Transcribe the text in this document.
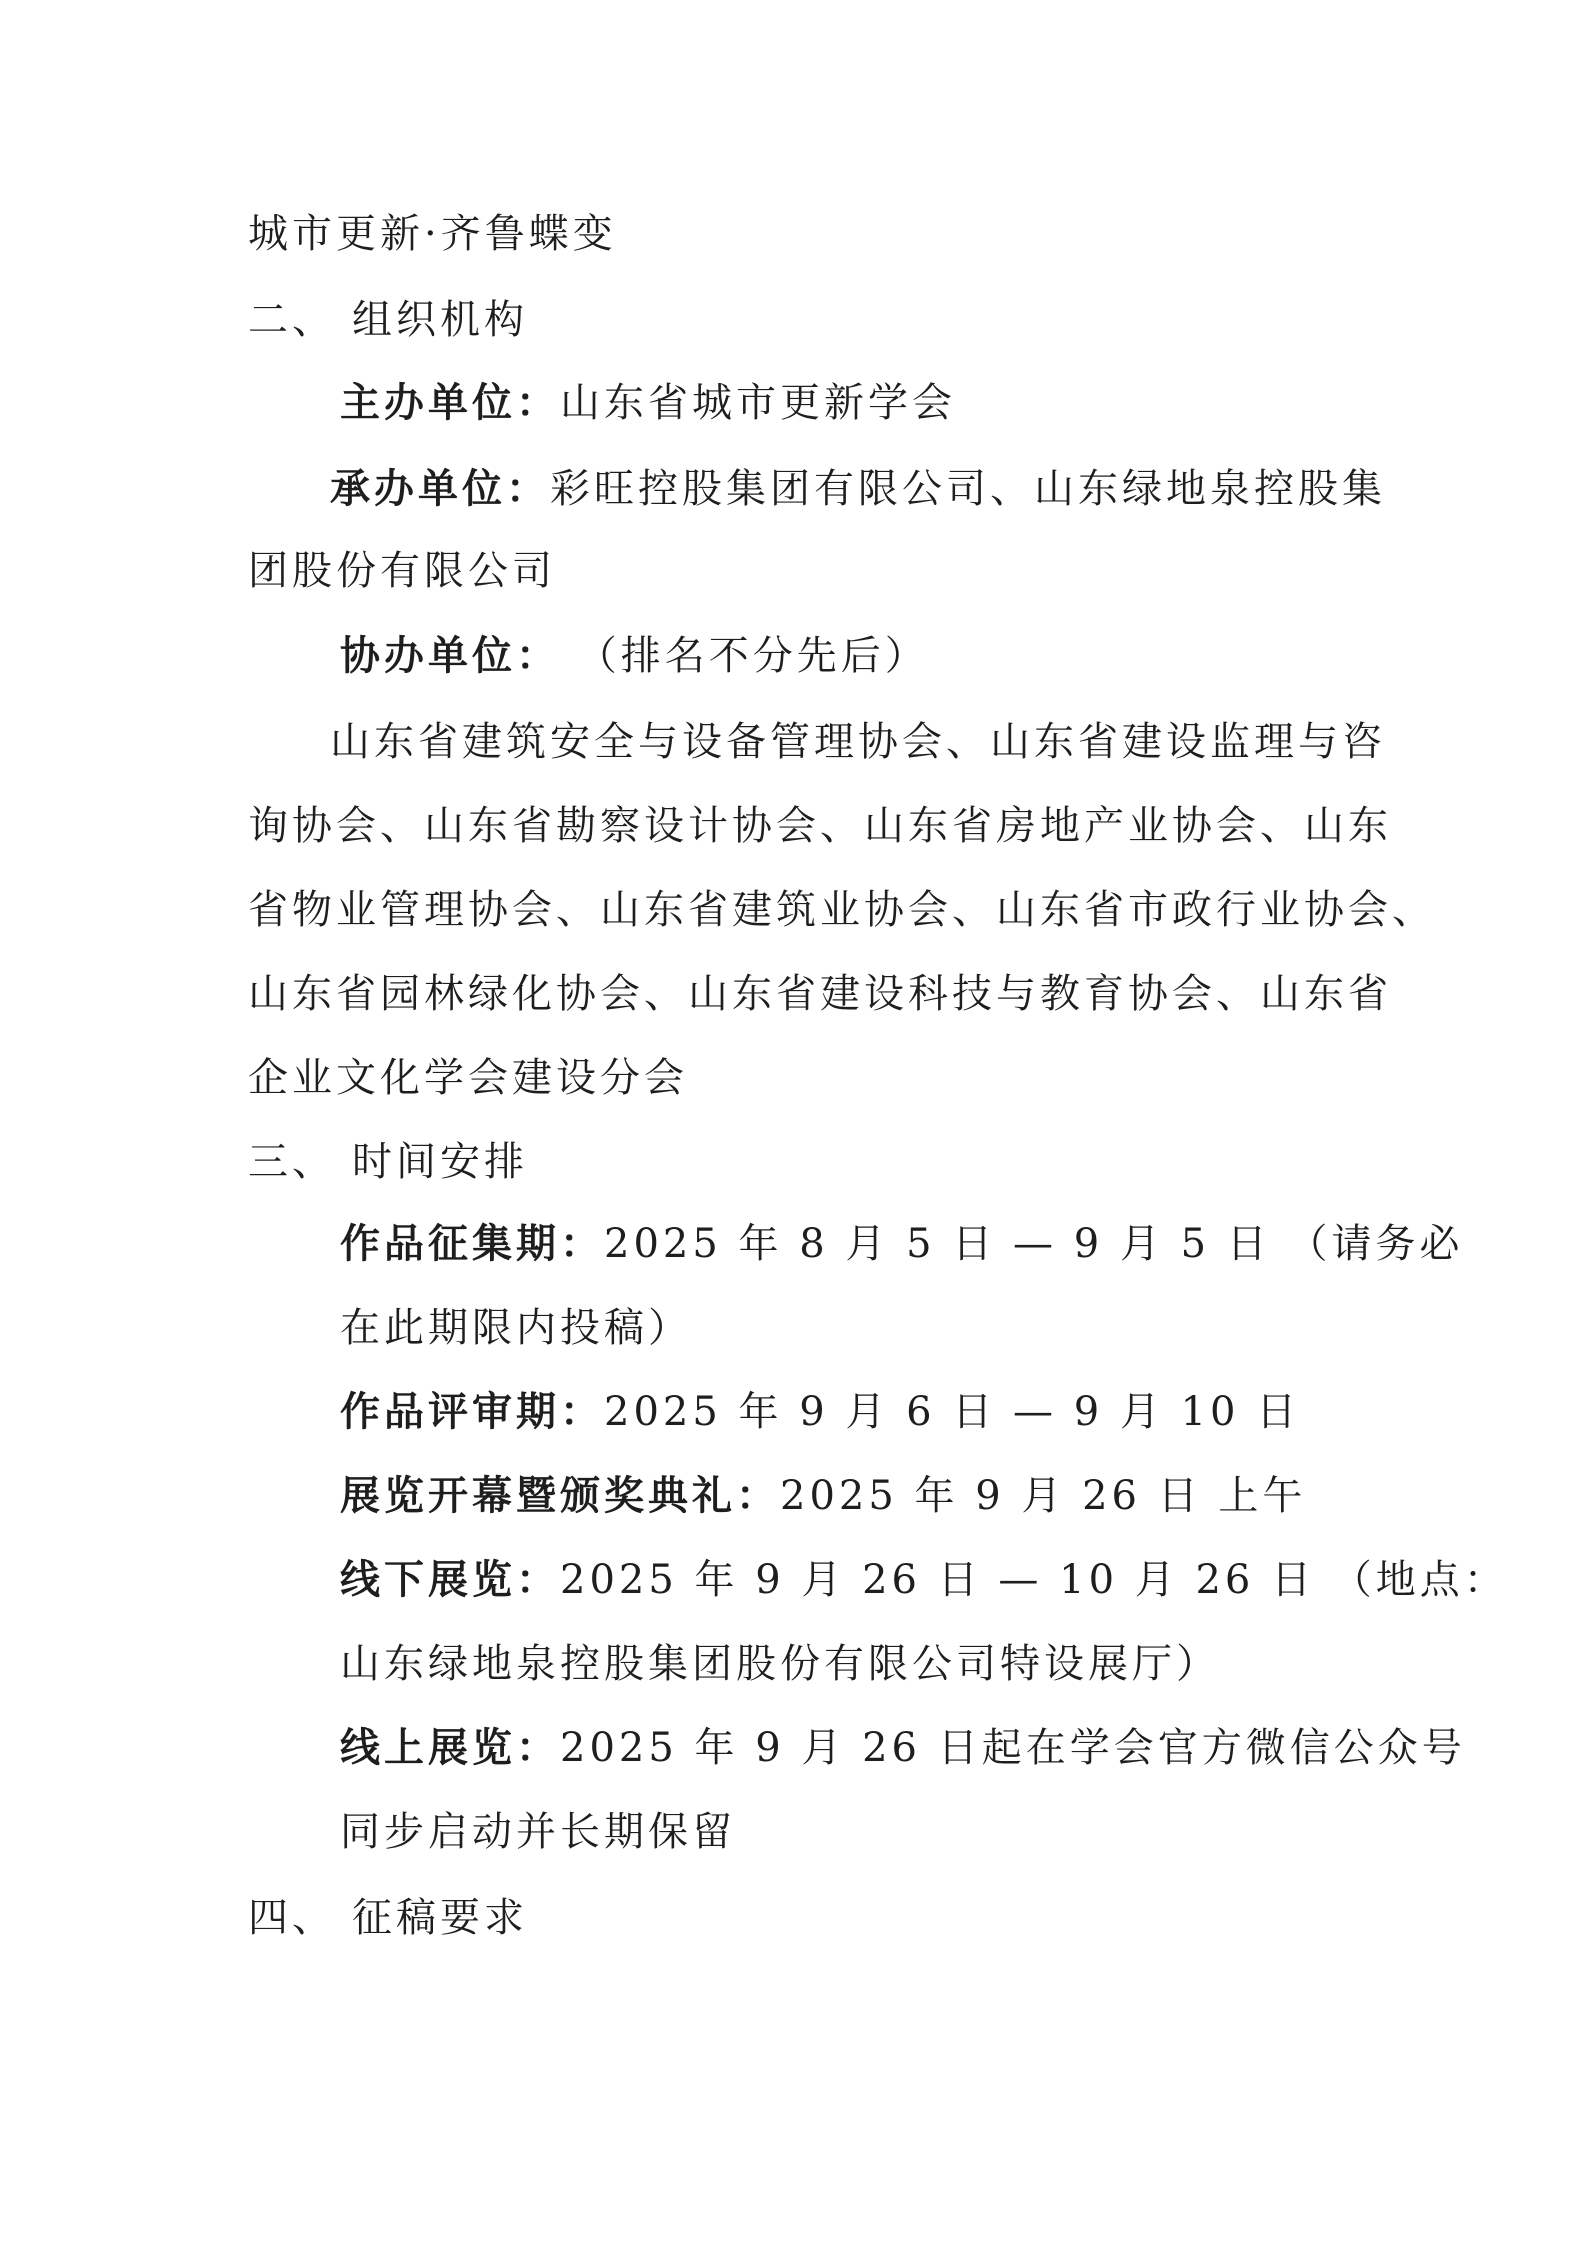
城市更新·齐鲁蝶变

二、 组织机构

主办单位：山东省城市更新学会

承办单位：彩旺控股集团有限公司、山东绿地泉控股集

团股份有限公司

协办单位： （排名不分先后）

山东省建筑安全与设备管理协会、山东省建设监理与咨

询协会、山东省勘察设计协会、山东省房地产业协会、山东

省物业管理协会、山东省建筑业协会、山东省市政行业协会、

山东省园林绿化协会、山东省建设科技与教育协会、山东省

企业文化学会建设分会

三、 时间安排

作品征集期：2025 年 8 月 5 日 — 9 月 5 日 （请务必

在此期限内投稿）

作品评审期：2025 年 9 月 6 日 — 9 月 10 日

展览开幕暨颁奖典礼：2025 年 9 月 26 日 上午

线下展览：2025 年 9 月 26 日 — 10 月 26 日 （地点：

山东绿地泉控股集团股份有限公司特设展厅）

线上展览：2025 年 9 月 26 日起在学会官方微信公众号

同步启动并长期保留

四、 征稿要求
